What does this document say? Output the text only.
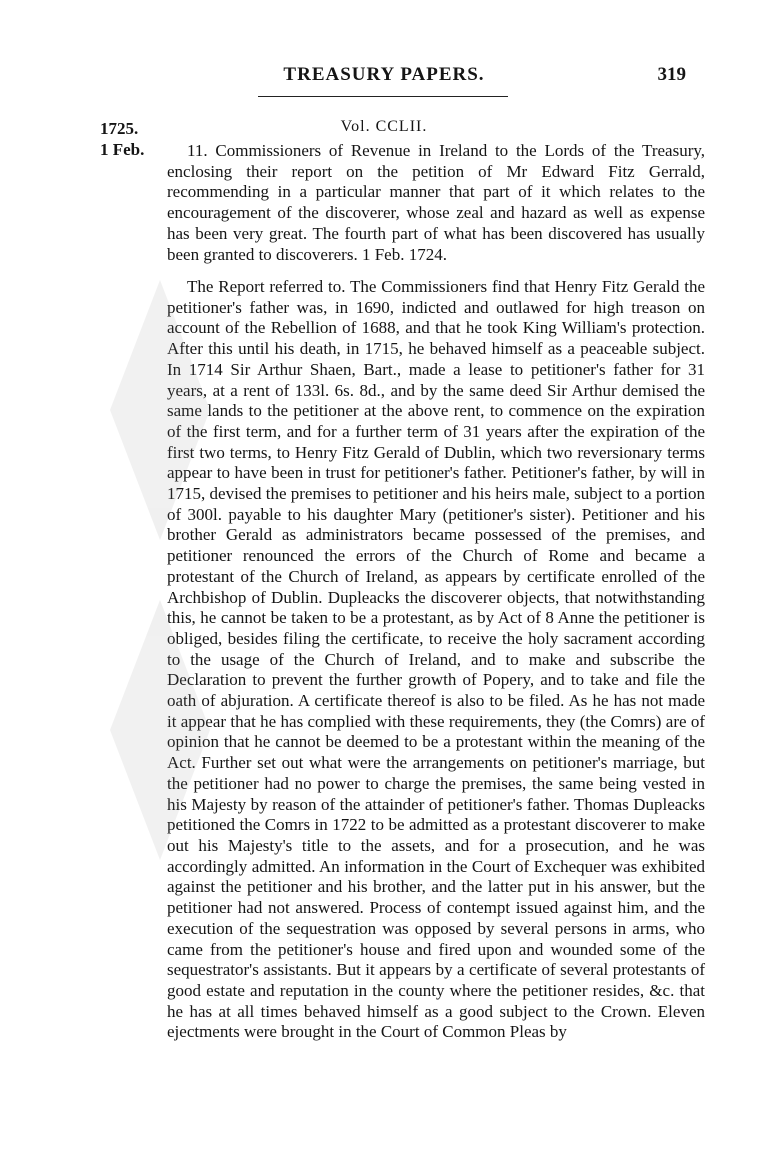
TREASURY PAPERS.	319
Vol. CCLII.
1725.
1 Feb.	11. Commissioners of Revenue in Ireland to the Lords of the Treasury, enclosing their report on the petition of Mr Edward Fitz Gerrald, recommending in a particular manner that part of it which relates to the encouragement of the discoverer, whose zeal and hazard as well as expense has been very great. The fourth part of what has been discovered has usually been granted to discoverers. 1 Feb. 1724.

The Report referred to. The Commissioners find that Henry Fitz Gerald the petitioner's father was, in 1690, indicted and outlawed for high treason on account of the Rebellion of 1688, and that he took King William's protection. After this until his death, in 1715, he behaved himself as a peaceable subject. In 1714 Sir Arthur Shaen, Bart., made a lease to petitioner's father for 31 years, at a rent of 133l. 6s. 8d., and by the same deed Sir Arthur demised the same lands to the petitioner at the above rent, to commence on the expiration of the first term, and for a further term of 31 years after the expiration of the first two terms, to Henry Fitz Gerald of Dublin, which two reversionary terms appear to have been in trust for petitioner's father. Petitioner's father, by will in 1715, devised the premises to petitioner and his heirs male, subject to a portion of 300l. payable to his daughter Mary (petitioner's sister). Petitioner and his brother Gerald as administrators became possessed of the premises, and petitioner renounced the errors of the Church of Rome and became a protestant of the Church of Ireland, as appears by certificate enrolled of the Archbishop of Dublin. Dupleacks the discoverer objects, that notwithstanding this, he cannot be taken to be a protestant, as by Act of 8 Anne the petitioner is obliged, besides filing the certificate, to receive the holy sacrament according to the usage of the Church of Ireland, and to make and subscribe the Declaration to prevent the further growth of Popery, and to take and file the oath of abjuration. A certificate thereof is also to be filed. As he has not made it appear that he has complied with these requirements, they (the Comrs) are of opinion that he cannot be deemed to be a protestant within the meaning of the Act. Further set out what were the arrangements on petitioner's marriage, but the petitioner had no power to charge the premises, the same being vested in his Majesty by reason of the attainder of petitioner's father. Thomas Dupleacks petitioned the Comrs in 1722 to be admitted as a protestant discoverer to make out his Majesty's title to the assets, and for a prosecution, and he was accordingly admitted. An information in the Court of Exchequer was exhibited against the petitioner and his brother, and the latter put in his answer, but the petitioner had not answered. Process of contempt issued against him, and the execution of the sequestration was opposed by several persons in arms, who came from the petitioner's house and fired upon and wounded some of the sequestrator's assistants. But it appears by a certificate of several protestants of good estate and reputation in the county where the petitioner resides, &c. that he has at all times behaved himself as a good subject to the Crown. Eleven ejectments were brought in the Court of Common Pleas by
